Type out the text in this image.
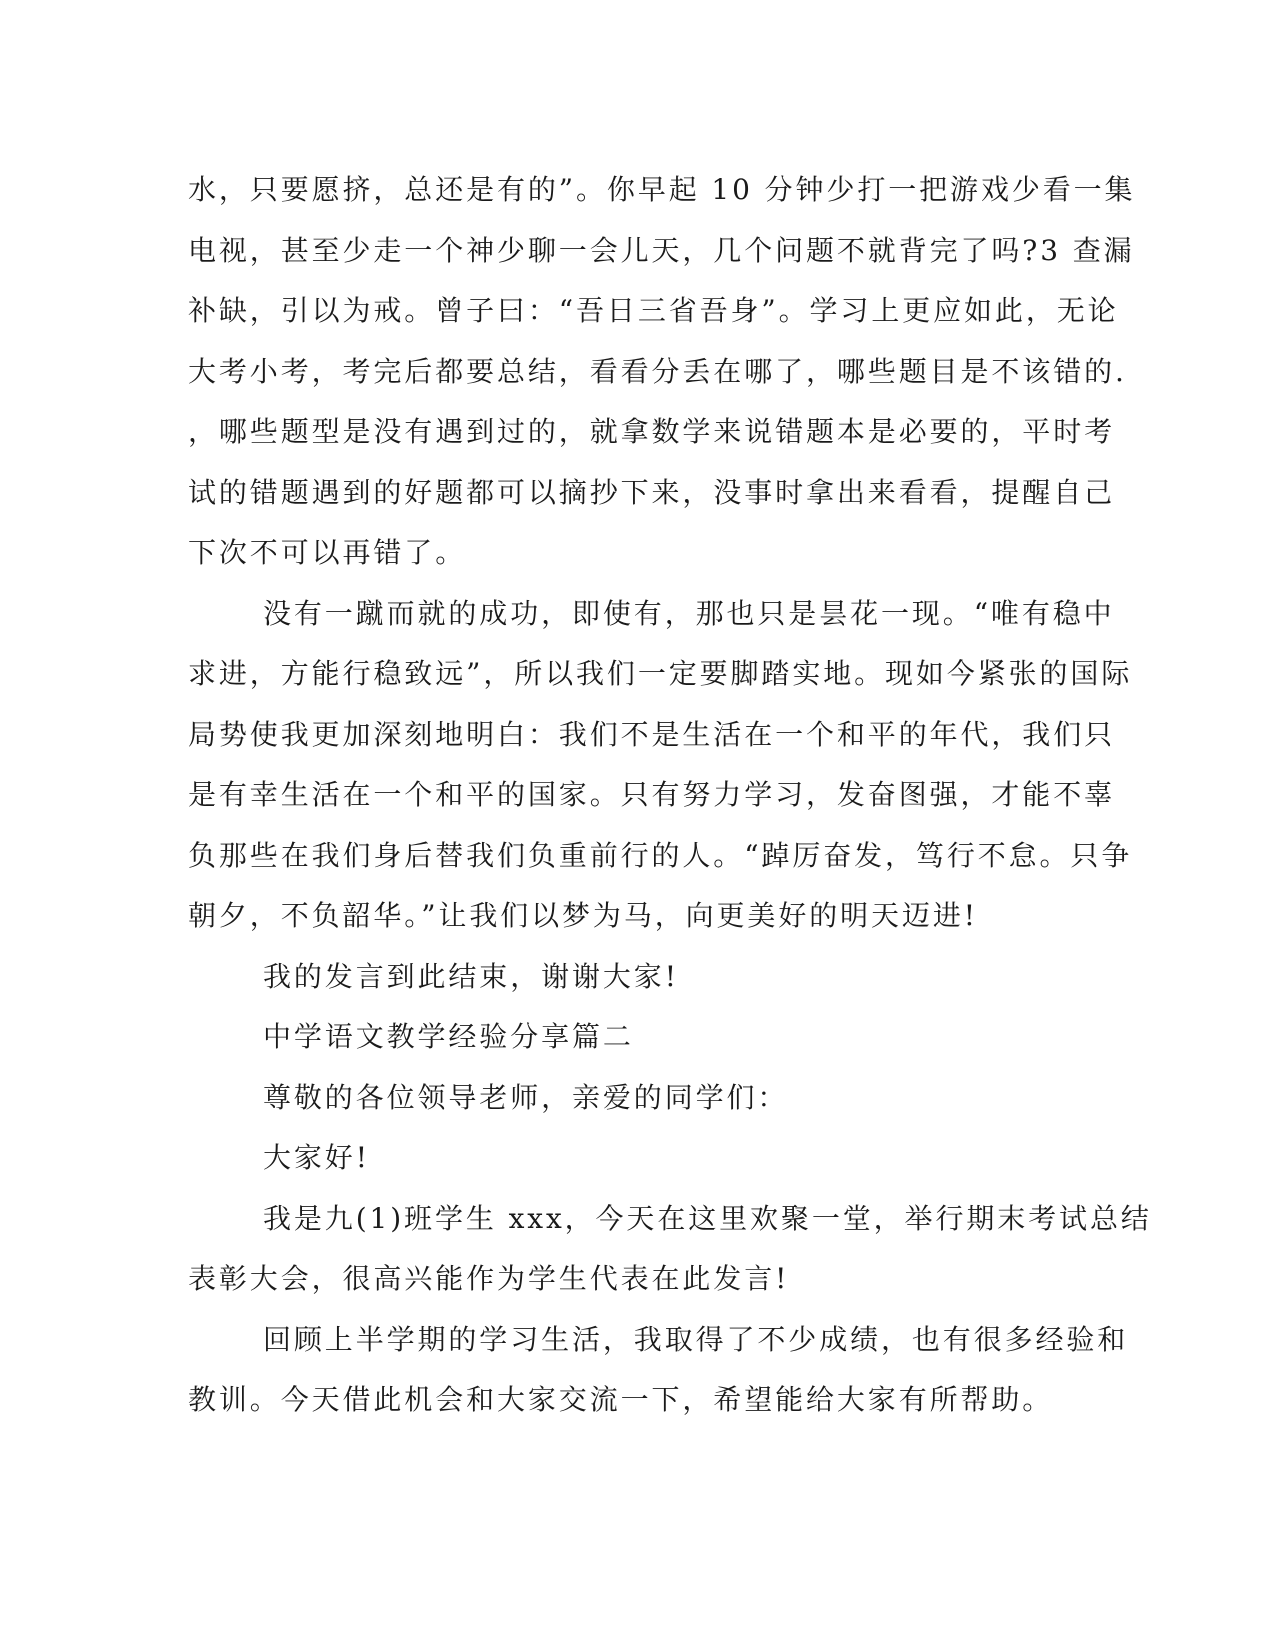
水，只要愿挤，总还是有的”。你早起 10 分钟少打一把游戏少看一集
电视，甚至少走一个神少聊一会儿天，几个问题不就背完了吗?3 查漏
补缺，引以为戒。曾子曰：“吾日三省吾身”。学习上更应如此，无论
大考小考，考完后都要总结，看看分丢在哪了，哪些题目是不该错的.
，哪些题型是没有遇到过的，就拿数学来说错题本是必要的，平时考
试的错题遇到的好题都可以摘抄下来，没事时拿出来看看，提醒自己
下次不可以再错了。
没有一蹴而就的成功，即使有，那也只是昙花一现。“唯有稳中
求进，方能行稳致远”，所以我们一定要脚踏实地。现如今紧张的国际
局势使我更加深刻地明白：我们不是生活在一个和平的年代，我们只
是有幸生活在一个和平的国家。只有努力学习，发奋图强，才能不辜
负那些在我们身后替我们负重前行的人。“踔厉奋发，笃行不怠。只争
朝夕，不负韶华。”让我们以梦为马，向更美好的明天迈进!
我的发言到此结束，谢谢大家!
中学语文教学经验分享篇二
尊敬的各位领导老师，亲爱的同学们：
大家好!
我是九(1)班学生 xxx，今天在这里欢聚一堂，举行期末考试总结
表彰大会，很高兴能作为学生代表在此发言!
回顾上半学期的学习生活，我取得了不少成绩，也有很多经验和
教训。今天借此机会和大家交流一下，希望能给大家有所帮助。
